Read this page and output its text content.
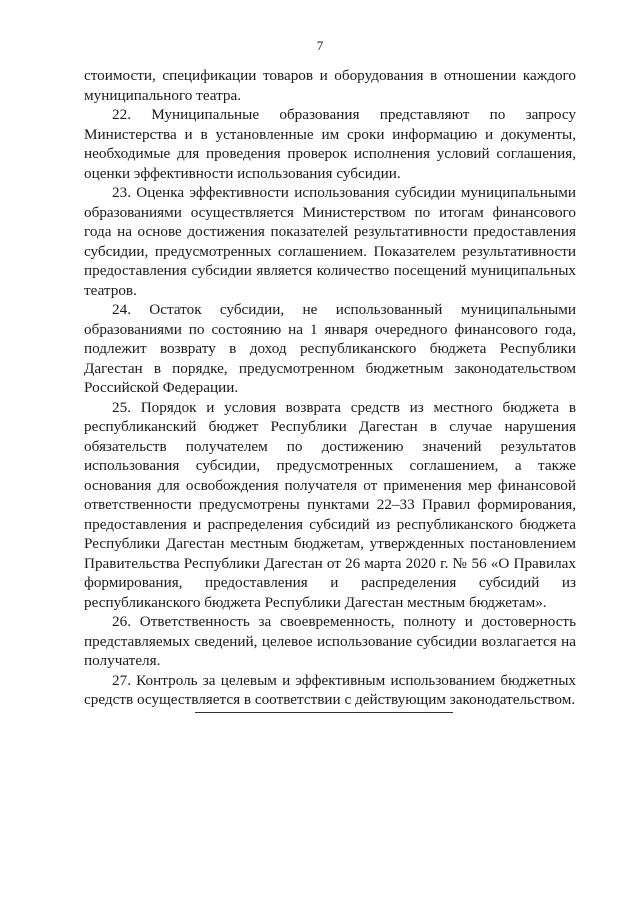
7

стоимости, спецификации товаров и оборудования в отношении каждого муниципального театра.

22. Муниципальные образования представляют по запросу Министерства и в установленные им сроки информацию и документы, необходимые для проведения проверок исполнения условий соглашения, оценки эффективности использования субсидии.

23. Оценка эффективности использования субсидии муниципальными образованиями осуществляется Министерством по итогам финансового года на основе достижения показателей результативности предоставления субсидии, предусмотренных соглашением. Показателем результативности предоставления субсидии является количество посещений муниципальных театров.

24. Остаток субсидии, не использованный муниципальными образованиями по состоянию на 1 января очередного финансового года, подлежит возврату в доход республиканского бюджета Республики Дагестан в порядке, предусмотренном бюджетным законодательством Российской Федерации.

25. Порядок и условия возврата средств из местного бюджета в республиканский бюджет Республики Дагестан в случае нарушения обязательств получателем по достижению значений результатов использования субсидии, предусмотренных соглашением, а также основания для освобождения получателя от применения мер финансовой ответственности предусмотрены пунктами 22–33 Правил формирования, предоставления и распределения субсидий из республиканского бюджета Республики Дагестан местным бюджетам, утвержденных постановлением Правительства Республики Дагестан от 26 марта 2020 г. № 56 «О Правилах формирования, предоставления и распределения субсидий из республиканского бюджета Республики Дагестан местным бюджетам».

26. Ответственность за своевременность, полноту и достоверность представляемых сведений, целевое использование субсидии возлагается на получателя.

27. Контроль за целевым и эффективным использованием бюджетных средств осуществляется в соответствии с действующим законодательством.
